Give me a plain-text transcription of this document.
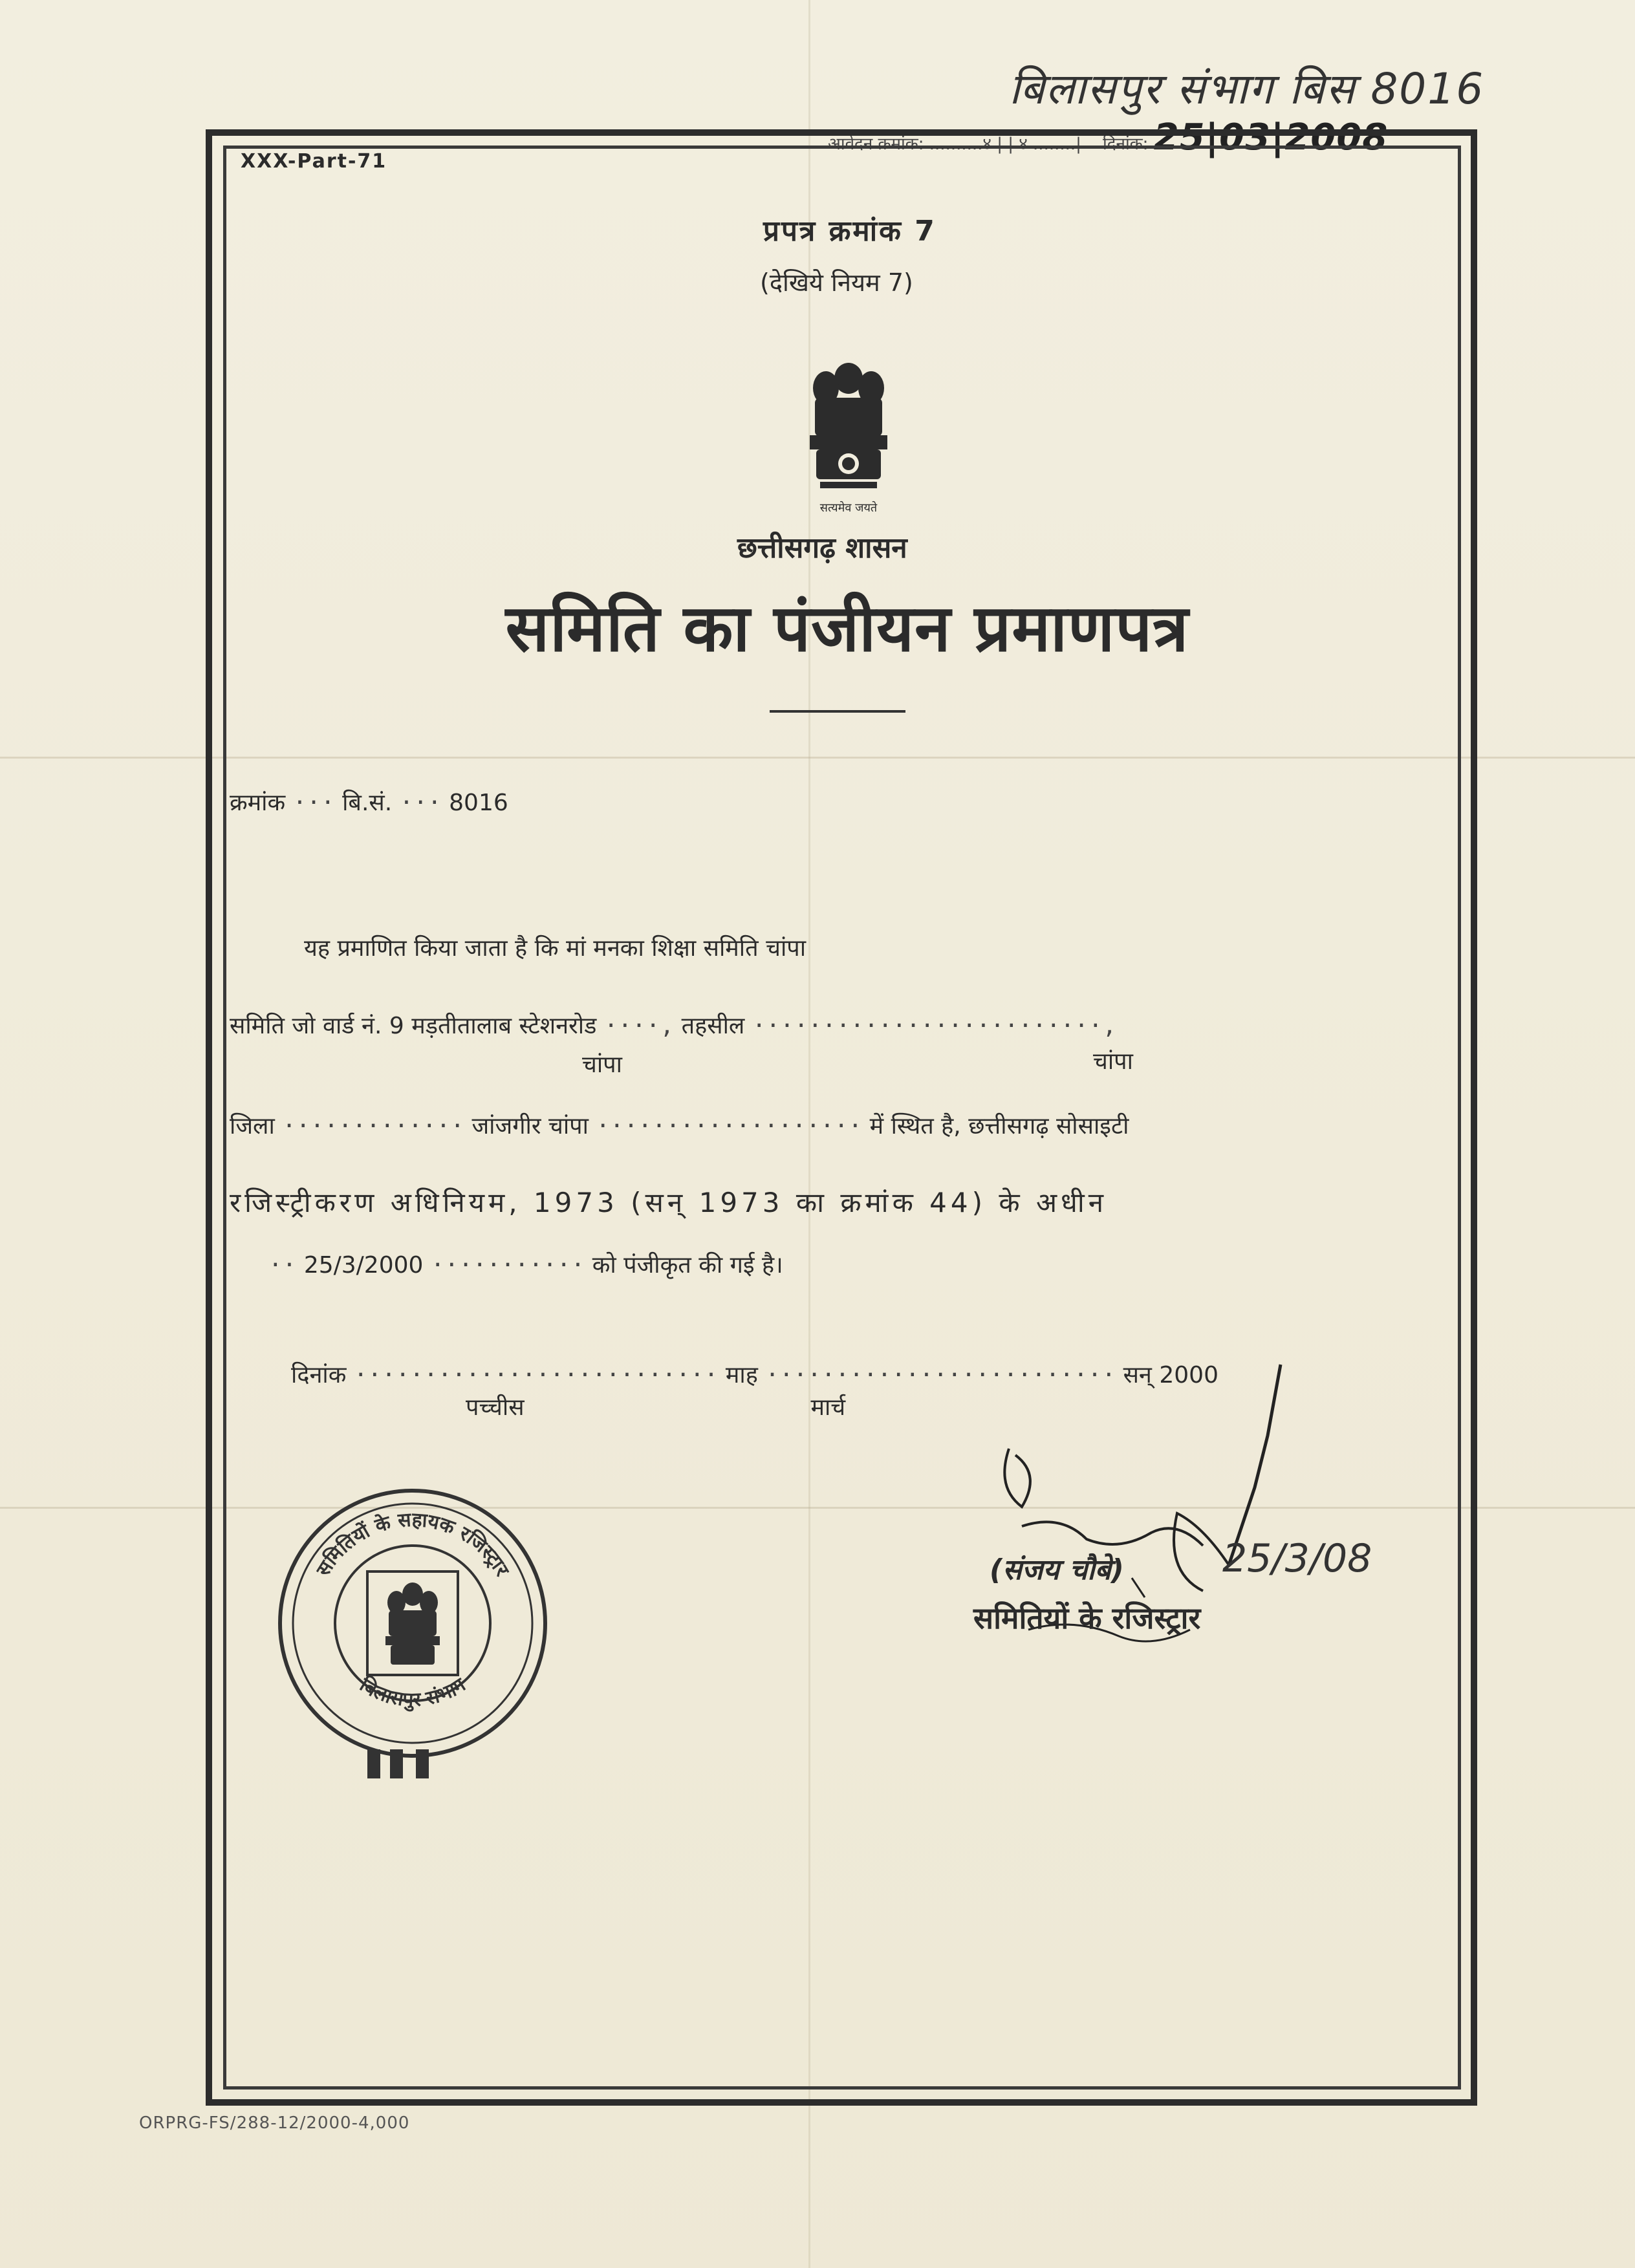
बिलासपुर संभाग बिस 8016
आवेदन क्रमांक: ..........४ | | ४ ........| दिनांक: 25|03|2008
XXX-Part-71
प्रपत्र क्रमांक 7
(देखिये नियम 7)
सत्यमेव जयते
छत्तीसगढ़ शासन
समिति का पंजीयन प्रमाणपत्र
क्रमांक ··· बि.सं. ··· 8016
यह प्रमाणित किया जाता है कि मां मनका शिक्षा समिति चांपा
समिति जो वार्ड नं. 9 मड़तीतालाब स्टेशनरोड ····, तहसील ·························,
चांपा	चांपा
जिला ············· जांजगीर चांपा ··················· में स्थित है, छत्तीसगढ़ सोसाइटी
रजिस्ट्रीकरण अधिनियम, 1973 (सन् 1973 का क्रमांक 44) के अधीन
·· 25/3/2000 ··········· को पंजीकृत की गई है।
दिनांक ·························· माह ························· सन् 2000
पच्चीस	मार्च
समितियों के सहायक रजिस्ट्रार
बिलासपुर संभाग
(संजय चौबे)	25/3/08
समितियों के रजिस्ट्रार
ORPRG-FS/288-12/2000-4,000
